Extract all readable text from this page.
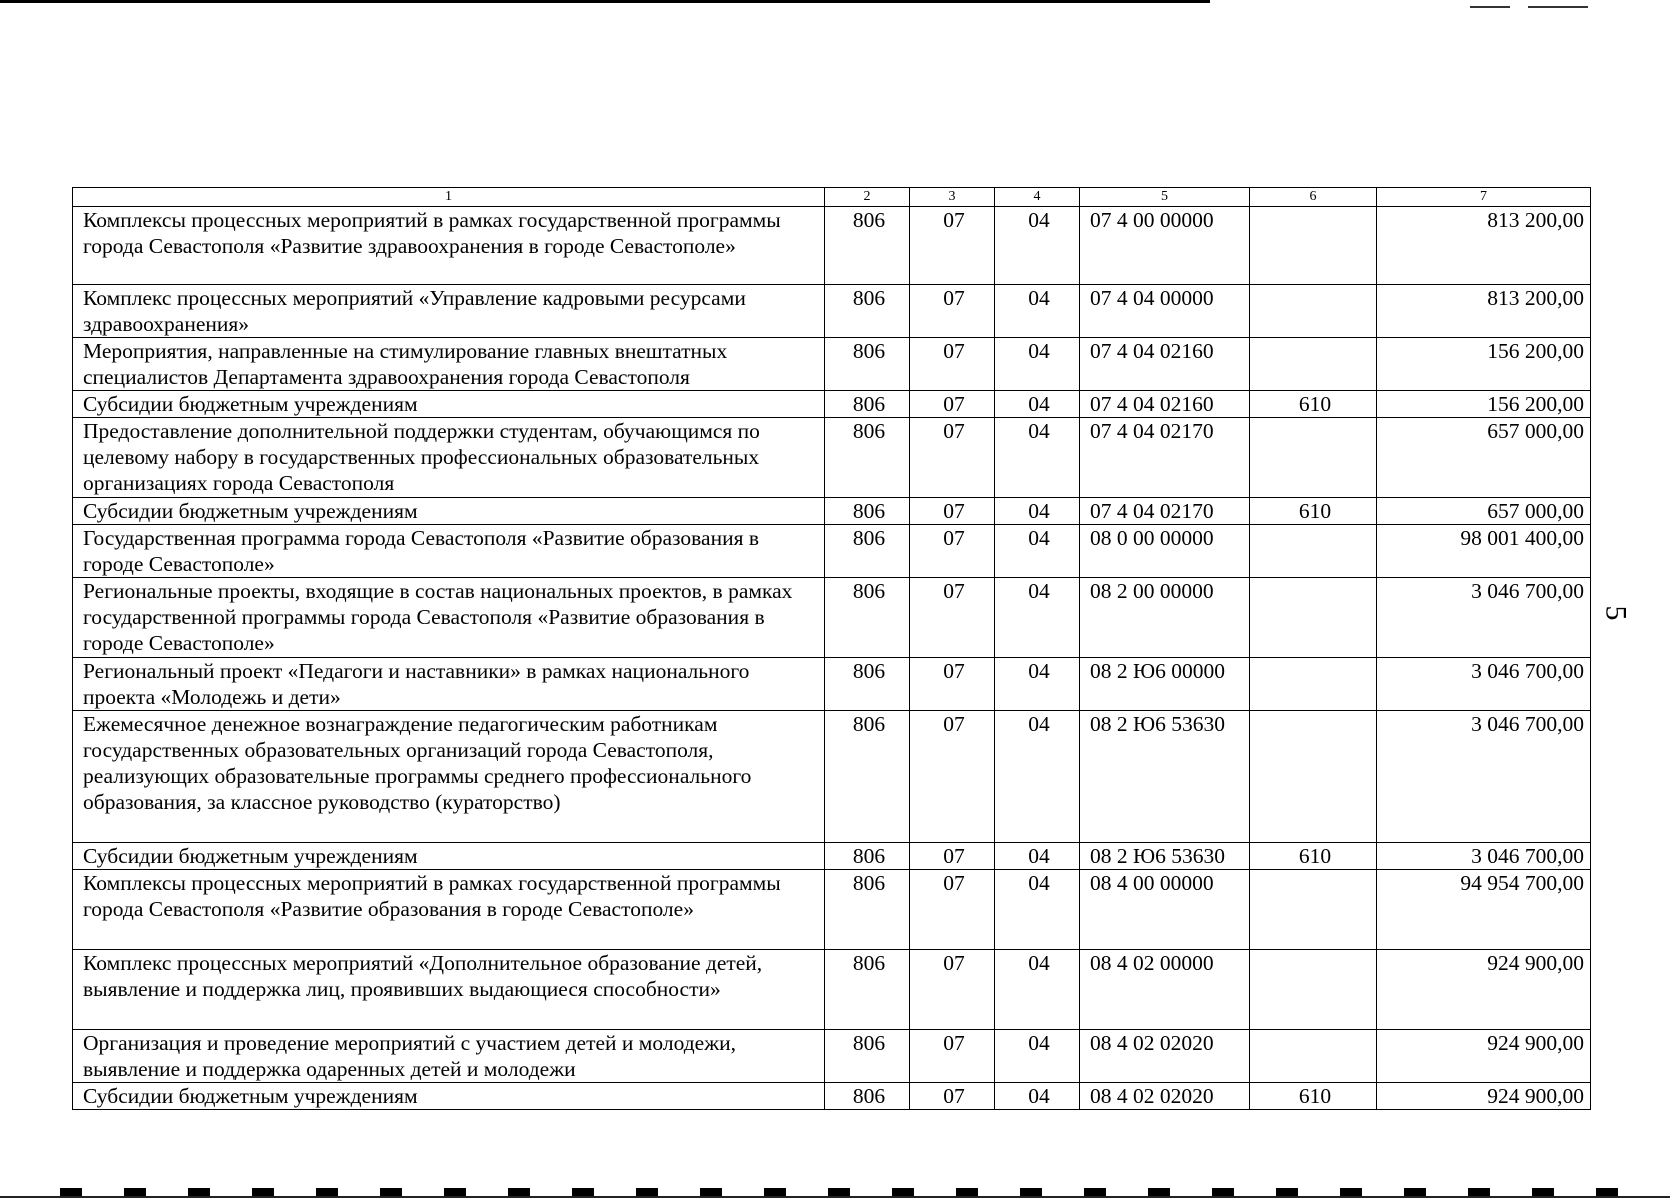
5
1	2	3	4	5	6	7
Комплексы процессных мероприятий в рамках государственной программы города Севастополя «Развитие здравоохранения в городе Севастополе»	806	07	04	07 4 00 00000		813 200,00
Комплекс процессных мероприятий «Управление кадровыми ресурсами здравоохранения»	806	07	04	07 4 04 00000		813 200,00
Мероприятия, направленные на стимулирование главных внештатных специалистов Департамента здравоохранения города Севастополя	806	07	04	07 4 04 02160		156 200,00
Субсидии бюджетным учреждениям	806	07	04	07 4 04 02160	610	156 200,00
Предоставление дополнительной поддержки студентам, обучающимся по целевому набору в государственных профессиональных образовательных организациях города Севастополя	806	07	04	07 4 04 02170		657 000,00
Субсидии бюджетным учреждениям	806	07	04	07 4 04 02170	610	657 000,00
Государственная программа города Севастополя «Развитие образования в городе Севастополе»	806	07	04	08 0 00 00000		98 001 400,00
Региональные проекты, входящие в состав национальных проектов, в рамках государственной программы города Севастополя «Развитие образования в городе Севастополе»	806	07	04	08 2 00 00000		3 046 700,00
Региональный проект «Педагоги и наставники» в рамках национального проекта «Молодежь и дети»	806	07	04	08 2 Ю6 00000		3 046 700,00
Ежемесячное денежное вознаграждение педагогическим работникам государственных образовательных организаций города Севастополя, реализующих образовательные программы среднего профессионального образования, за классное руководство (кураторство)	806	07	04	08 2 Ю6 53630		3 046 700,00
Субсидии бюджетным учреждениям	806	07	04	08 2 Ю6 53630	610	3 046 700,00
Комплексы процессных мероприятий в рамках государственной программы города Севастополя «Развитие образования в городе Севастополе»	806	07	04	08 4 00 00000		94 954 700,00
Комплекс процессных мероприятий «Дополнительное образование детей, выявление и поддержка лиц, проявивших выдающиеся способности»	806	07	04	08 4 02 00000		924 900,00
Организация и проведение мероприятий с участием детей и молодежи, выявление и поддержка одаренных детей и молодежи	806	07	04	08 4 02 02020		924 900,00
Субсидии бюджетным учреждениям	806	07	04	08 4 02 02020	610	924 900,00
